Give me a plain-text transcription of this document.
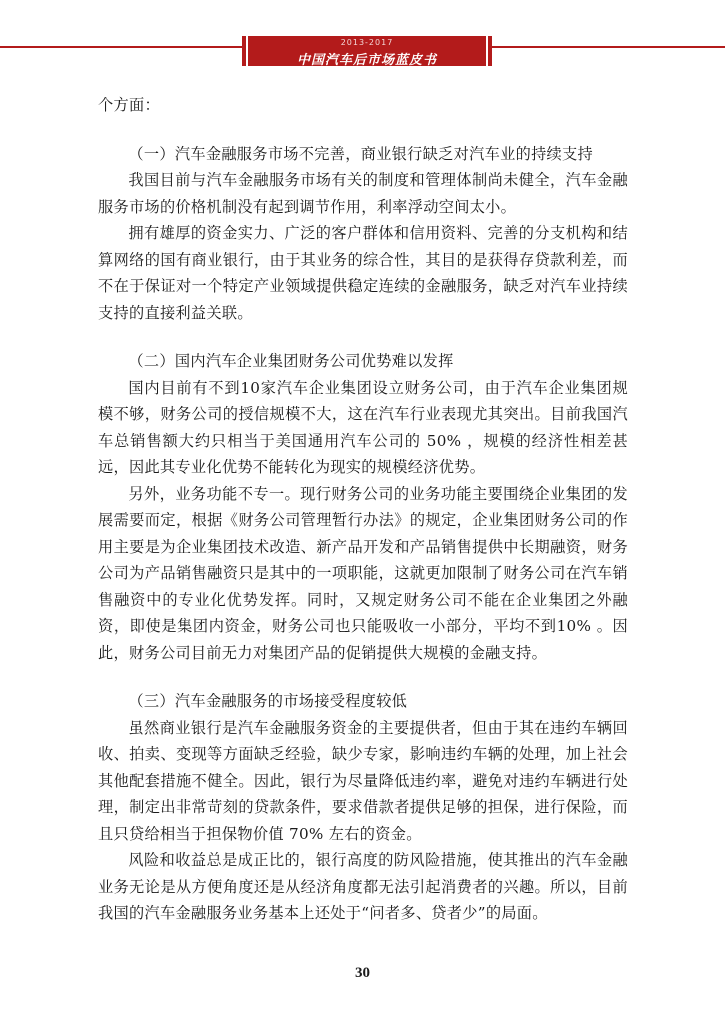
2013-2017
中国汽车后市场蓝皮书

个方面：

（一）汽车金融服务市场不完善，商业银行缺乏对汽车业的持续支持

我国目前与汽车金融服务市场有关的制度和管理体制尚未健全，汽车金融服务市场的价格机制没有起到调节作用，利率浮动空间太小。

拥有雄厚的资金实力、广泛的客户群体和信用资料、完善的分支机构和结算网络的国有商业银行，由于其业务的综合性，其目的是获得存贷款利差，而不在于保证对一个特定产业领域提供稳定连续的金融服务，缺乏对汽车业持续支持的直接利益关联。

（二）国内汽车企业集团财务公司优势难以发挥

国内目前有不到10家汽车企业集团设立财务公司，由于汽车企业集团规模不够，财务公司的授信规模不大，这在汽车行业表现尤其突出。目前我国汽车总销售额大约只相当于美国通用汽车公司的 50% ，规模的经济性相差甚远，因此其专业化优势不能转化为现实的规模经济优势。

另外，业务功能不专一。现行财务公司的业务功能主要围绕企业集团的发展需要而定，根据《财务公司管理暂行办法》的规定，企业集团财务公司的作用主要是为企业集团技术改造、新产品开发和产品销售提供中长期融资，财务公司为产品销售融资只是其中的一项职能，这就更加限制了财务公司在汽车销售融资中的专业化优势发挥。同时，又规定财务公司不能在企业集团之外融资，即使是集团内资金，财务公司也只能吸收一小部分，平均不到10% 。因此，财务公司目前无力对集团产品的促销提供大规模的金融支持。

（三）汽车金融服务的市场接受程度较低

虽然商业银行是汽车金融服务资金的主要提供者，但由于其在违约车辆回收、拍卖、变现等方面缺乏经验，缺少专家，影响违约车辆的处理，加上社会其他配套措施不健全。因此，银行为尽量降低违约率，避免对违约车辆进行处理，制定出非常苛刻的贷款条件，要求借款者提供足够的担保，进行保险，而且只贷给相当于担保物价值 70% 左右的资金。

风险和收益总是成正比的，银行高度的防风险措施，使其推出的汽车金融业务无论是从方便角度还是从经济角度都无法引起消费者的兴趣。所以，目前我国的汽车金融服务业务基本上还处于“问者多、贷者少”的局面。

30
